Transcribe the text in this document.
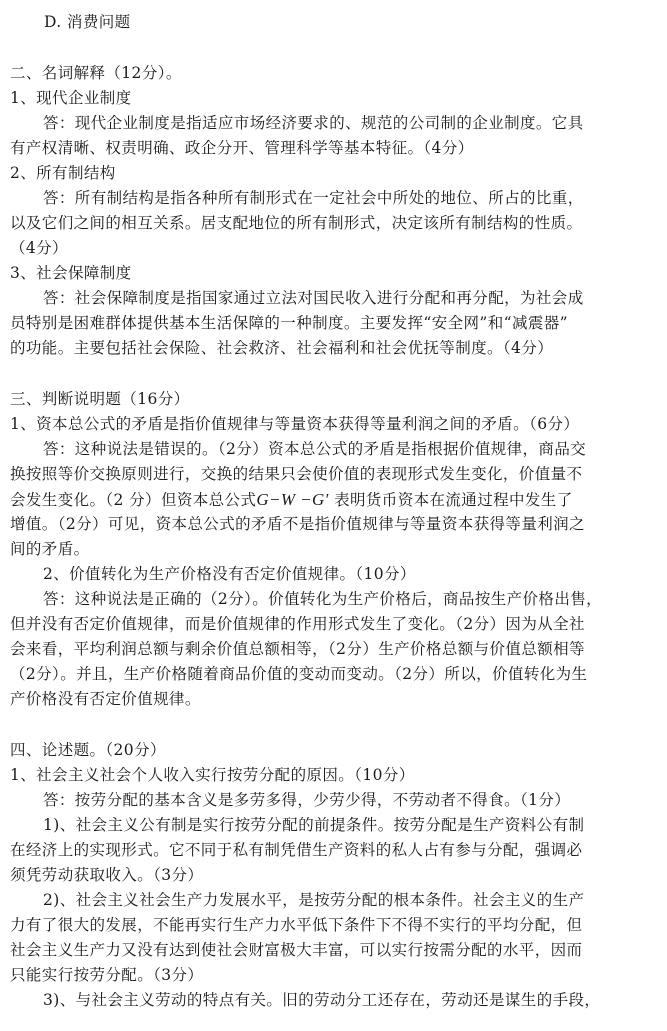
D. 消费问题
二、名词解释（12分）。
1、现代企业制度
答：现代企业制度是指适应市场经济要求的、规范的公司制的企业制度。它具
有产权清晰、权责明确、政企分开、管理科学等基本特征。（4分）
2、所有制结构
答：所有制结构是指各种所有制形式在一定社会中所处的地位、所占的比重，
以及它们之间的相互关系。居支配地位的所有制形式，决定该所有制结构的性质。
（4分）
3、社会保障制度
答：社会保障制度是指国家通过立法对国民收入进行分配和再分配，为社会成
员特别是困难群体提供基本生活保障的一种制度。主要发挥“安全网”和“减震器”
的功能。主要包括社会保险、社会救济、社会福利和社会优抚等制度。（4分）
三、判断说明题（16分）
1、资本总公式的矛盾是指价值规律与等量资本获得等量利润之间的矛盾。（6分）
答：这种说法是错误的。（2分）资本总公式的矛盾是指根据价值规律，商品交
换按照等价交换原则进行，交换的结果只会使价值的表现形式发生变化，价值量不
会发生变化。（2 分）但资本总公式G−W −G′ 表明货币资本在流通过程中发生了
增值。（2分）可见，资本总公式的矛盾不是指价值规律与等量资本获得等量利润之
间的矛盾。
2、价值转化为生产价格没有否定价值规律。（10分）
答：这种说法是正确的（2分）。价值转化为生产价格后，商品按生产价格出售，
但并没有否定价值规律，而是价值规律的作用形式发生了变化。（2分）因为从全社
会来看，平均利润总额与剩余价值总额相等，（2分）生产价格总额与价值总额相等
（2分）。并且，生产价格随着商品价值的变动而变动。（2分）所以，价值转化为生
产价格没有否定价值规律。
四、论述题。（20分）
1、社会主义社会个人收入实行按劳分配的原因。（10分）
答：按劳分配的基本含义是多劳多得，少劳少得，不劳动者不得食。（1分）
1)、社会主义公有制是实行按劳分配的前提条件。按劳分配是生产资料公有制
在经济上的实现形式。它不同于私有制凭借生产资料的私人占有参与分配，强调必
须凭劳动获取收入。（3分）
2)、社会主义社会生产力发展水平，是按劳分配的根本条件。社会主义的生产
力有了很大的发展，不能再实行生产力水平低下条件下不得不实行的平均分配，但
社会主义生产力又没有达到使社会财富极大丰富，可以实行按需分配的水平，因而
只能实行按劳分配。（3分）
3)、与社会主义劳动的特点有关。旧的劳动分工还存在，劳动还是谋生的手段，
